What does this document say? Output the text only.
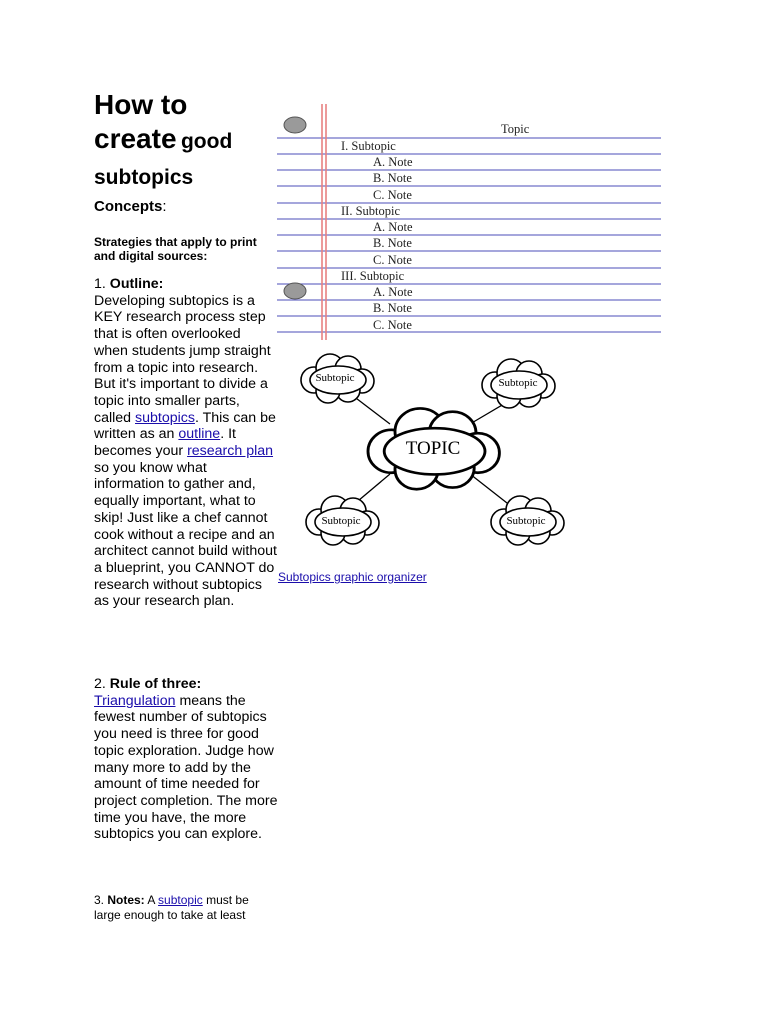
How to
create good
subtopics
Concepts:
Strategies that apply to print and digital sources:
1. Outline:
Developing subtopics is a KEY research process step that is often overlooked when students jump straight from a topic into research. But it's important to divide a topic into smaller parts, called subtopics. This can be written as an outline. It becomes your research plan so you know what information to gather and, equally important, what to skip! Just like a chef cannot cook without a recipe and an architect cannot build without a blueprint, you CANNOT do research without subtopics as your research plan.
2. Rule of three: Triangulation means the fewest number of subtopics you need is three for good topic exploration. Judge how many more to add by the amount of time needed for project completion. The more time you have, the more subtopics you can explore.
3. Notes: A subtopic must be large enough to take at least
Topic
I. Subtopic
A. Note
B. Note
C. Note
II. Subtopic
A. Note
B. Note
C. Note
III. Subtopic
A. Note
B. Note
C. Note
Subtopic	Subtopic
Subtopic	Subtopic
TOPIC
Subtopics graphic organizer
